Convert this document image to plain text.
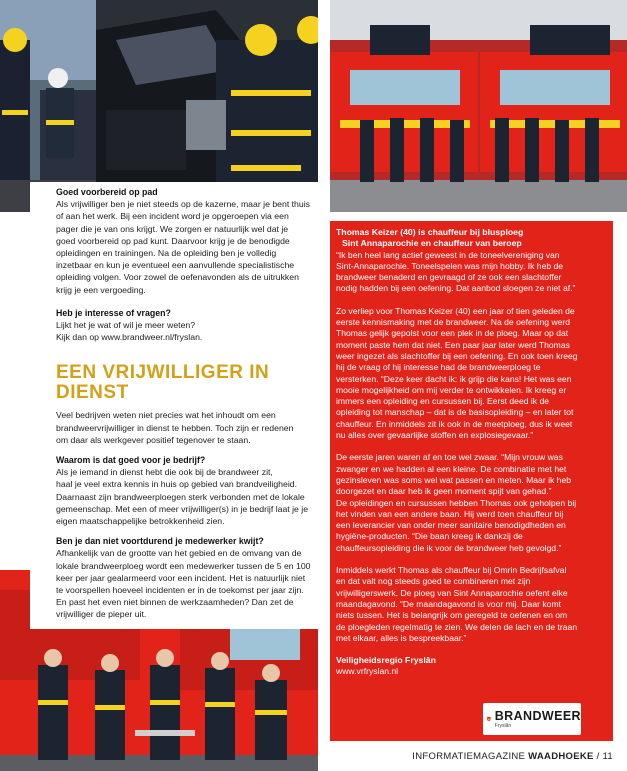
Goed voorbereid op pad
Als vrijwilliger ben je niet steeds op de kazerne, maar je bent thuis
of aan het werk. Bij een incident word je opgeroepen via een
pager die je van ons krijgt. We zorgen er natuurlijk wel dat je
goed voorbereid op pad kunt. Daarvoor krijg je de benodigde
opleidingen en trainingen. Na de opleiding ben je volledig
inzetbaar en kun je eventueel een aanvullende specialistische
opleiding volgen. Voor zowel de oefenavonden als de uitrukken
krijg je een vergoeding.
Heb je interesse of vragen?
Lijkt het je wat of wil je meer weten?
Kijk dan op www.brandweer.nl/fryslan.
EEN VRIJWILLIGER IN DIENST
Veel bedrijven weten niet precies wat het inhoudt om een
brandweervrijwilliger in dienst te hebben. Toch zijn er redenen
om daar als werkgever positief tegenover te staan.
Waarom is dat goed voor je bedrijf?
Als je iemand in dienst hebt die ook bij de brandweer zit,
haal je veel extra kennis in huis op gebied van brandveiligheid.
Daarnaast zijn brandweerploegen sterk verbonden met de lokale
gemeenschap. Met een of meer vrijwilliger(s) in je bedrijf laat je je
eigen maatschappelijke betrokkenheid zien.
Ben je dan niet voortdurend je medewerker kwijt?
Afhankelijk van de grootte van het gebied en de omvang van de
lokale brandweerploeg wordt een medewerker tussen de 5 en 100
keer per jaar gealarmeerd voor een incident. Het is natuurlijk niet
te voorspellen hoeveel incidenten er in de toekomst per jaar zijn.
En past het even niet binnen de werkzaamheden? Dan zet de
vrijwilliger de pieper uit.
Thomas Keizer (40) is chauffeur bij blusploeg
Sint Annaparochie en chauffeur van beroep
“Ik ben heel lang actief geweest in de toneelvereniging van
Sint-Annaparochie. Toneelspelen was mijn hobby. Ik heb de
brandweer benaderd en gevraagd of ze ook een slachtoffer
nodig hadden bij een oefening. Dat aanbod sloegen ze niet af.”
Zo verliep voor Thomas Keizer (40) een jaar of tien geleden de
eerste kennismaking met de brandweer. Na de oefening werd
Thomas gelijk gepolst voor een plek in de ploeg. Maar op dat
moment paste hem dat niet. Een paar jaar later werd Thomas
weer ingezet als slachtoffer bij een oefening. En ook toen kreeg
hij de vraag of hij interesse had de brandweerploeg te
versterken. “Deze keer dacht ik: ik grijp die kans! Het was een
mooie mogelijkheid om mij verder te ontwikkelen. Ik kreeg er
immers een opleiding en cursussen bij. Eerst deed ik de
opleiding tot manschap – dat is de basisopleiding – en later tot
chauffeur. En inmiddels zit ik ook in de meetploeg, dus ik weet
nu alles over gevaarlijke stoffen en explosiegevaar.”
De eerste jaren waren af en toe wel zwaar. “Mijn vrouw was
zwanger en we hadden al een kleine. De combinatie met het
gezinsleven was soms wel wat passen en meten. Maar ik heb
doorgezet en daar heb ik geen moment spijt van gehad.”
De opleidingen en cursussen hebben Thomas ook geholpen bij
het vinden van een andere baan. Hij werd toen chauffeur bij
een leverancier van onder meer sanitaire benodigdheden en
hygiëne-producten. “Die baan kreeg ik dankzij de
chauffeursopleiding die ik voor de brandweer heb gevolgd.”
Inmiddels werkt Thomas als chauffeur bij Omrin Bedrijfsafval
en dat valt nog steeds goed te combineren met zijn
vrijwilligerswerk. De ploeg van Sint Annaparochie oefent elke
maandagavond. “De maandagavond is voor mij. Daar komt
niets tussen. Het is belangrijk om geregeld te oefenen en om
de ploegleden regelmatig te zien. We delen de lach en de traan
met elkaar, alles is bespreekbaar.”
Veiligheidsregio Fryslân
www.vrfryslan.nl
BRANDWEER
Fryslân
INFORMATIEMAGAZINE WAADHOEKE / 11
